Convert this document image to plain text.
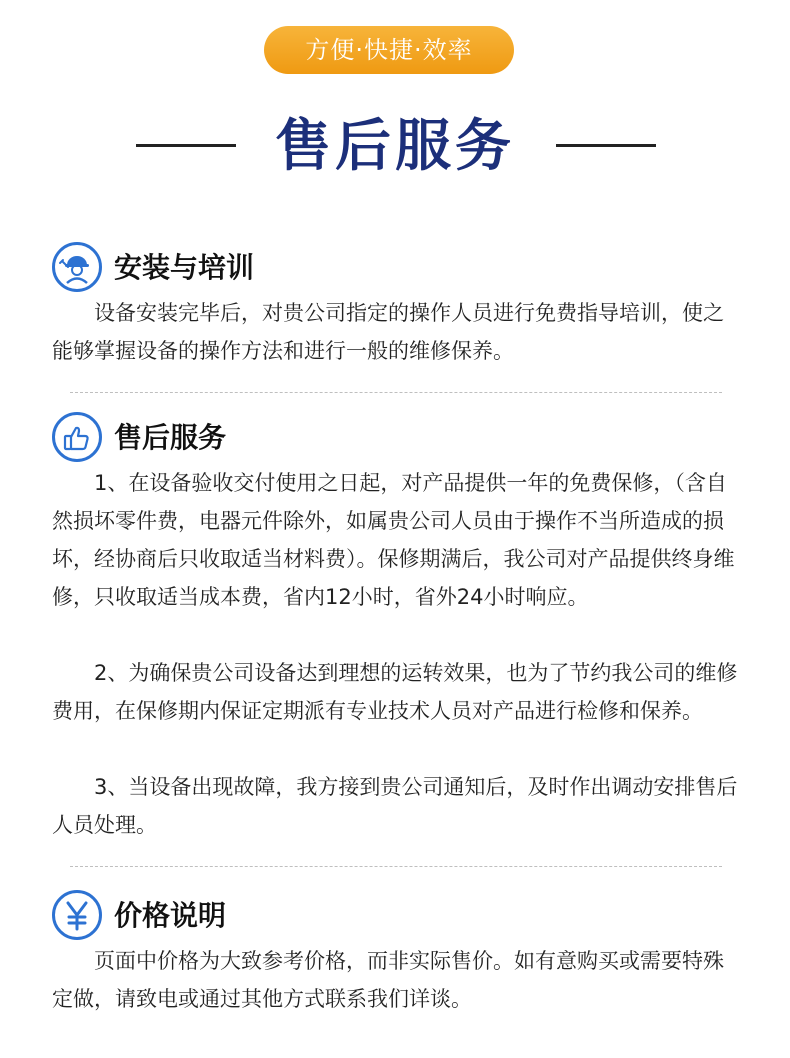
方便·快捷·效率
售后服务
安装与培训

设备安装完毕后，对贵公司指定的操作人员进行免费指导培训，使之能够掌握设备的操作方法和进行一般的维修保养。

售后服务

1、在设备验收交付使用之日起，对产品提供一年的免费保修，（含自然损坏零件费，电器元件除外，如属贵公司人员由于操作不当所造成的损坏，经协商后只收取适当材料费）。保修期满后，我公司对产品提供终身维修，只收取适当成本费，省内12小时，省外24小时响应。

2、为确保贵公司设备达到理想的运转效果，也为了节约我公司的维修费用，在保修期内保证定期派有专业技术人员对产品进行检修和保养。

3、当设备出现故障，我方接到贵公司通知后，及时作出调动安排售后人员处理。

价格说明

页面中价格为大致参考价格，而非实际售价。如有意购买或需要特殊定做，请致电或通过其他方式联系我们详谈。
